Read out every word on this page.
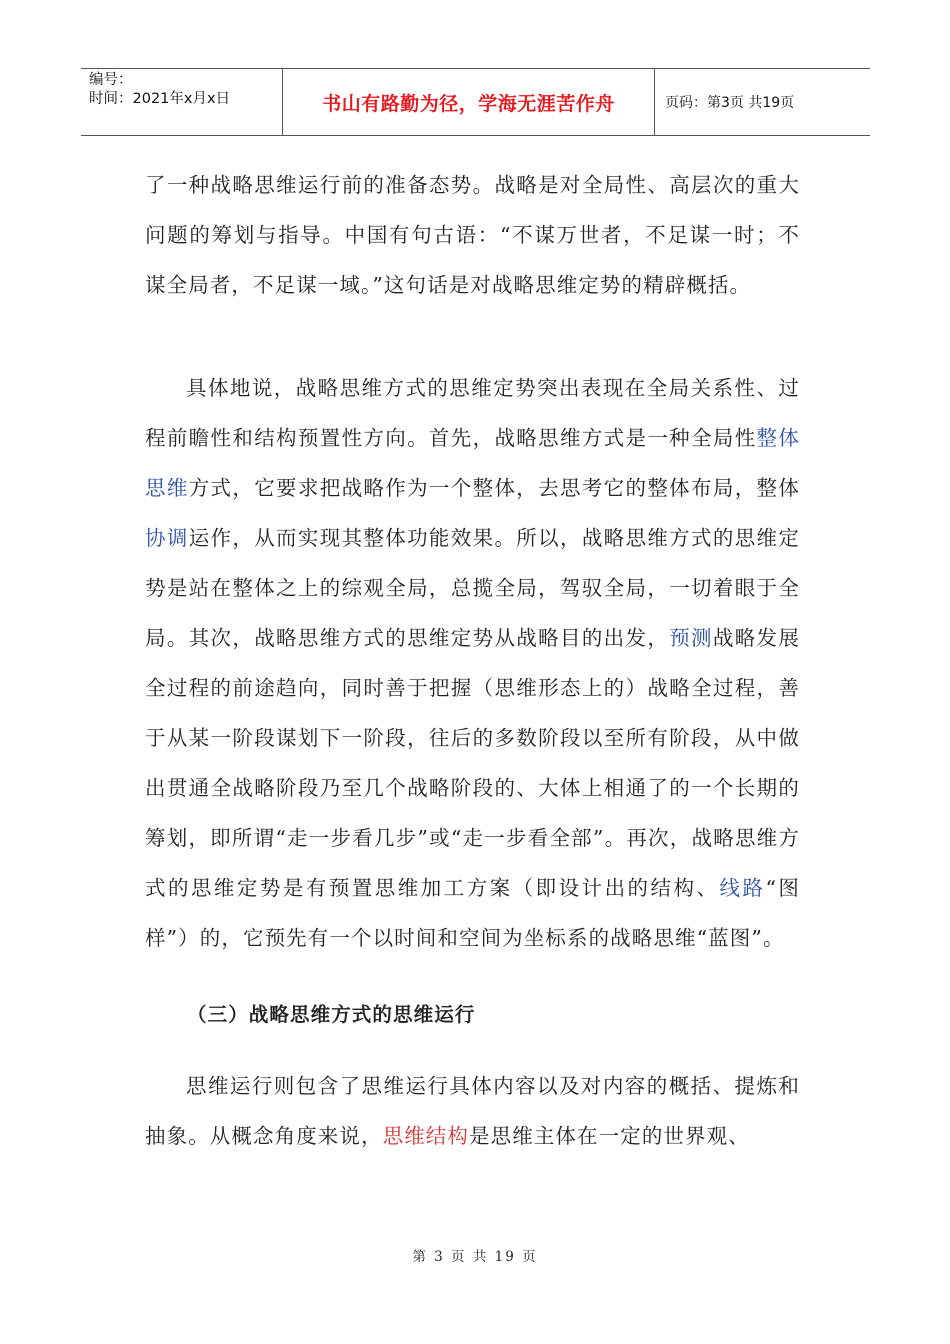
编号：
时间：2021年x月x日	书山有路勤为径，学海无涯苦作舟	页码：第3页 共19页

了一种战略思维运行前的准备态势。战略是对全局性、高层次的重大问题的筹划与指导。中国有句古语：“不谋万世者，不足谋一时；不谋全局者，不足谋一域。”这句话是对战略思维定势的精辟概括。

具体地说，战略思维方式的思维定势突出表现在全局关系性、过程前瞻性和结构预置性方向。首先，战略思维方式是一种全局性整体思维方式，它要求把战略作为一个整体，去思考它的整体布局，整体协调运作，从而实现其整体功能效果。所以，战略思维方式的思维定势是站在整体之上的综观全局，总揽全局，驾驭全局，一切着眼于全局。其次，战略思维方式的思维定势从战略目的出发，预测战略发展全过程的前途趋向，同时善于把握（思维形态上的）战略全过程，善于从某一阶段谋划下一阶段，往后的多数阶段以至所有阶段，从中做出贯通全战略阶段乃至几个战略阶段的、大体上相通了的一个长期的筹划，即所谓“走一步看几步”或“走一步看全部”。再次，战略思维方式的思维定势是有预置思维加工方案（即设计出的结构、线路“图样”）的，它预先有一个以时间和空间为坐标系的战略思维“蓝图”。

（三）战略思维方式的思维运行

思维运行则包含了思维运行具体内容以及对内容的概括、提炼和抽象。从概念角度来说，思维结构是思维主体在一定的世界观、

第 3 页 共 19 页
